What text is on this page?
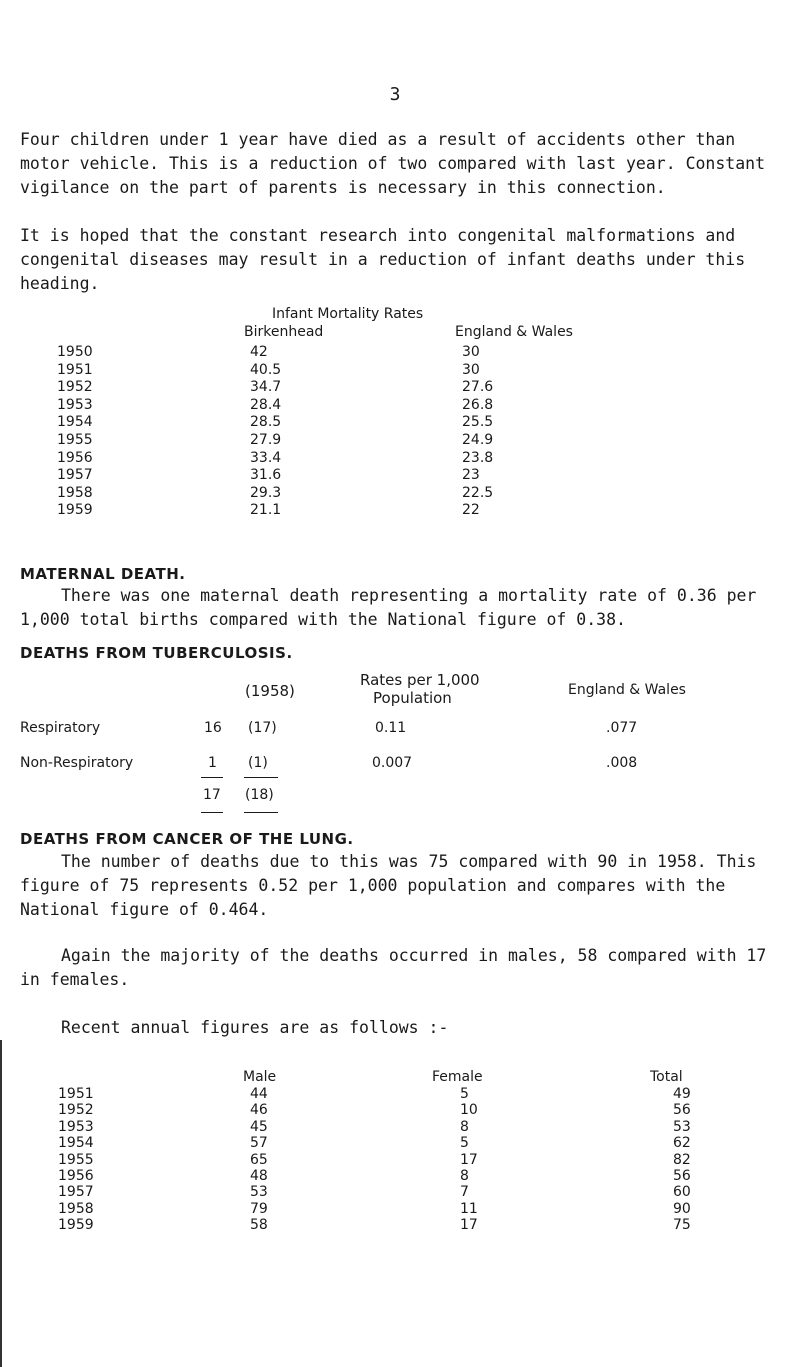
3

Four children under 1 year have died as a result of accidents other than motor vehicle. This is a reduction of two compared with last year. Constant vigilance on the part of parents is necessary in this connection.

It is hoped that the constant research into congenital malformations and congenital diseases may result in a reduction of infant deaths under this heading.

Infant Mortality Rates
Birkenhead	England & Wales
1950	42	30
1951	40.5	30
1952	34.7	27.6
1953	28.4	26.8
1954	28.5	25.5
1955	27.9	24.9
1956	33.4	23.8
1957	31.6	23
1958	29.3	22.5
1959	21.1	22
MATERNAL DEATH.

There was one maternal death representing a mortality rate of 0.36 per 1,000 total births compared with the National figure of 0.38.

DEATHS FROM TUBERCULOSIS.
(1958)
Rates per 1,000
Population	England & Wales
Respiratory	16 (17)	0.11	.077
Non-Respiratory	1 (1)	0.007	.008
17 (18)
DEATHS FROM CANCER OF THE LUNG.

The number of deaths due to this was 75 compared with 90 in 1958. This figure of 75 represents 0.52 per 1,000 population and compares with the National figure of 0.464.

Again the majority of the deaths occurred in males, 58 compared with 17 in females.

Recent annual figures are as follows :-

Male	Female	Total
1951	44	5	49
1952	46	10	56
1953	45	8	53
1954	57	5	62
1955	65	17	82
1956	48	8	56
1957	53	7	60
1958	79	11	90
1959	58	17	75
